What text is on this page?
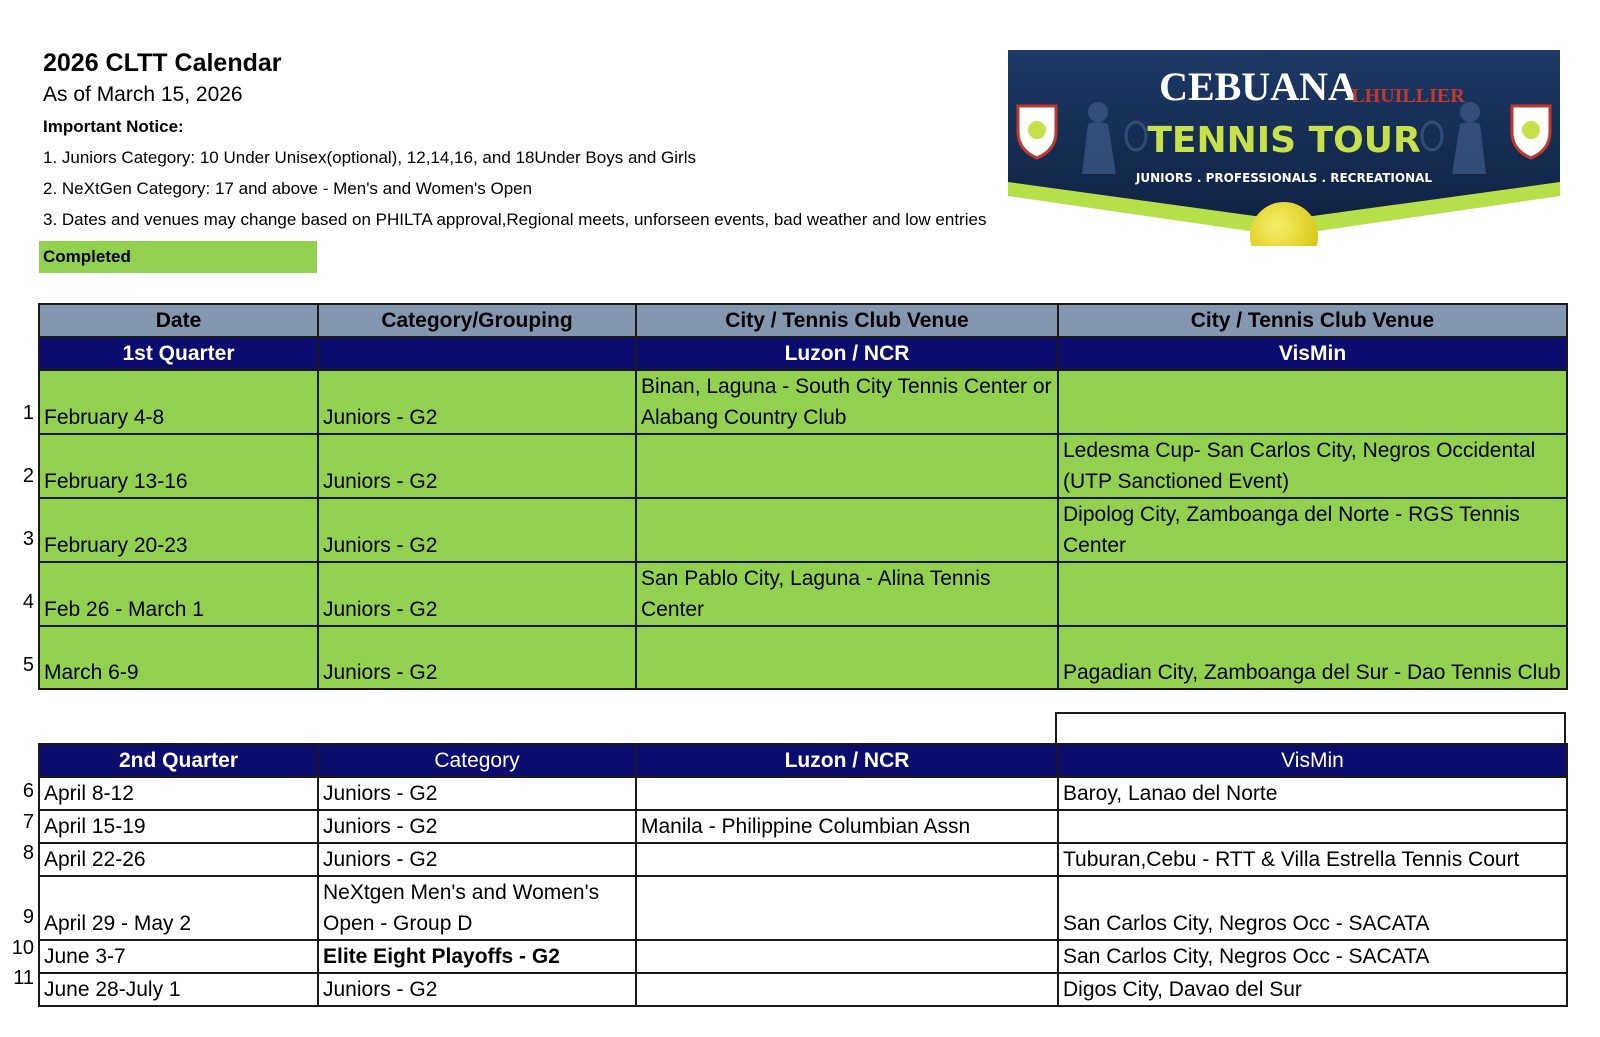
2026 CLTT Calendar
As of March 15, 2026
Important Notice:
1. Juniors Category: 10 Under Unisex(optional), 12,14,16, and 18Under Boys and Girls
2. NeXtGen Category: 17 and above - Men's and Women's Open
3. Dates and venues may change based on PHILTA approval,Regional meets, unforseen events, bad weather and low entries
Completed
CEBUANA
LHUILLIER
TENNIS TOUR
JUNIORS . PROFESSIONALS . RECREATIONAL
1
2
3
4
5
Date	Category/Grouping	City / Tennis Club Venue	City / Tennis Club Venue
1st Quarter		Luzon / NCR	VisMin
February 4-8	Juniors - G2	Binan, Laguna - South City Tennis Center or Alabang Country Club	
February 13-16	Juniors - G2		Ledesma Cup- San Carlos City, Negros Occidental (UTP Sanctioned Event)
February 20-23	Juniors - G2		Dipolog City, Zamboanga del Norte - RGS Tennis Center
Feb 26 - March 1	Juniors - G2	San Pablo City, Laguna - Alina Tennis Center	
March 6-9	Juniors - G2		Pagadian City, Zamboanga del Sur - Dao Tennis Club
6
7
8
9
10
11
2nd Quarter	Category	Luzon / NCR	VisMin
April 8-12	Juniors - G2		Baroy, Lanao del Norte
April 15-19	Juniors - G2	Manila - Philippine Columbian Assn	
April 22-26	Juniors - G2		Tuburan,Cebu - RTT & Villa Estrella Tennis Court
April 29 - May 2	NeXtgen Men's and Women's Open - Group D		San Carlos City, Negros Occ - SACATA
June 3-7	Elite Eight Playoffs - G2		San Carlos City, Negros Occ - SACATA
June 28-July 1	Juniors - G2		Digos City, Davao del Sur
